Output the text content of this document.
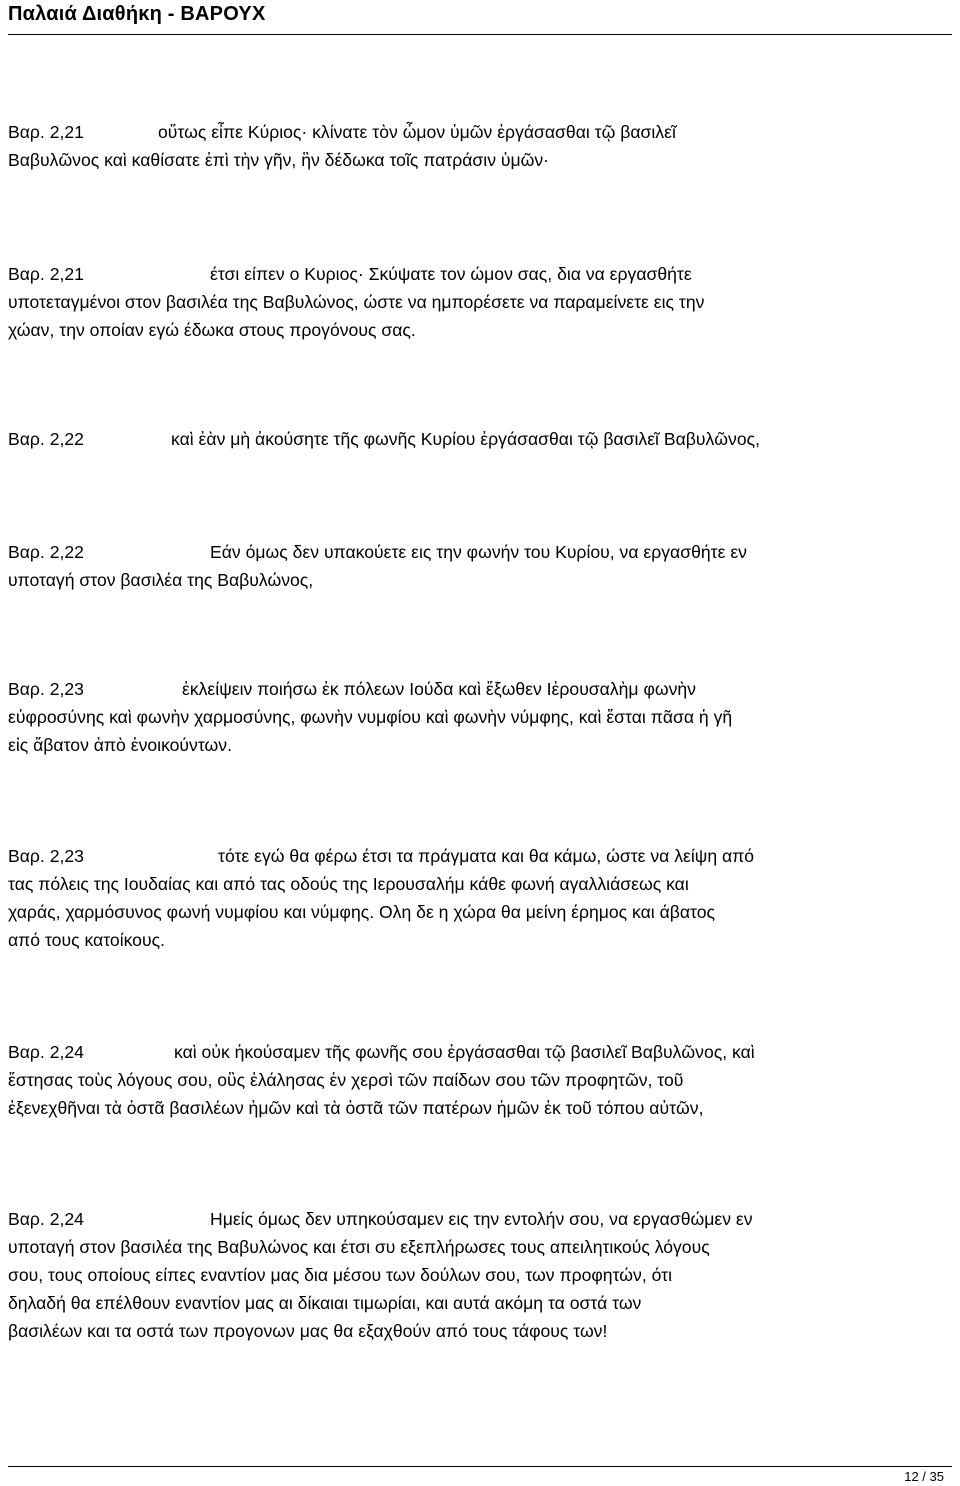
Παλαιά Διαθήκη - ΒΑΡΟΥΧ
Βαρ. 2,21	οὕτως εἶπε Κύριος· κλίνατε τὸν ὦμον ὑμῶν ἐργάσασθαι τῷ βασιλεῖ
Βαβυλῶνος καὶ καθίσατε ἐπὶ τὴν γῆν, ἣν δέδωκα τοῖς πατράσιν ὑμῶν·
Βαρ. 2,21	έτσι είπεν ο Κυριος· Σκύψατε τον ώμον σας, δια να εργασθήτε
υποτεταγμένοι στον βασιλέα της Βαβυλώνος, ώστε να ημπορέσετε να παραμείνετε εις την
χώαν, την οποίαν εγώ έδωκα στους προγόνους σας.
Βαρ. 2,22	καὶ ἐὰν μὴ ἀκούσητε τῆς φωνῆς Κυρίου ἐργάσασθαι τῷ βασιλεῖ Βαβυλῶνος,
Βαρ. 2,22	Εάν όμως δεν υπακούετε εις την φωνήν του Κυρίου, να εργασθήτε εν
υποταγή στον βασιλέα της Βαβυλώνος,
Βαρ. 2,23	ἐκλείψειν ποιήσω ἐκ πόλεων Ιούδα καὶ ἔξωθεν Ιἐρουσαλὴμ φωνὴν
εὐφροσύνης καὶ φωνὴν χαρμοσύνης, φωνὴν νυμφίου καὶ φωνὴν νύμφης, καὶ ἔσται πᾶσα ἡ γῆ
εἰς ἄβατον ἀπὸ ἐνοικούντων.
Βαρ. 2,23	τότε εγώ θα φέρω έτσι τα πράγματα και θα κάμω, ώστε να λείψη από
τας πόλεις της Ιουδαίας και από τας οδούς της Ιερουσαλήμ κάθε φωνή αγαλλιάσεως και
χαράς, χαρμόσυνος φωνή νυμφίου και νύμφης. Ολη δε η χώρα θα μείνη έρημος και άβατος
από τους κατοίκους.
Βαρ. 2,24	καὶ οὐκ ἠκούσαμεν τῆς φωνῆς σου ἐργάσασθαι τῷ βασιλεῖ Βαβυλῶνος, καὶ
ἔστησας τοὺς λόγους σου, οὓς ἐλάλησας ἐν χερσὶ τῶν παίδων σου τῶν προφητῶν, τοῦ
ἐξενεχθῆναι τὰ ὀστᾶ βασιλέων ἡμῶν καὶ τὰ ὀστᾶ τῶν πατέρων ἡμῶν ἐκ τοῦ τόπου αὐτῶν,
Βαρ. 2,24	Ημείς όμως δεν υπηκούσαμεν εις την εντολήν σου, να εργασθώμεν εν
υποταγή στον βασιλέα της Βαβυλώνος και έτσι συ εξεπλήρωσες τους απειλητικούς λόγους
σου, τους οποίους είπες εναντίον μας δια μέσου των δούλων σου, των προφητών, ότι
δηλαδή θα επέλθουν εναντίον μας αι δίκαιαι τιμωρίαι, και αυτά ακόμη τα οστά των
βασιλέων και τα οστά των προγονων μας θα εξαχθούν από τους τάφους των!
12 / 35
